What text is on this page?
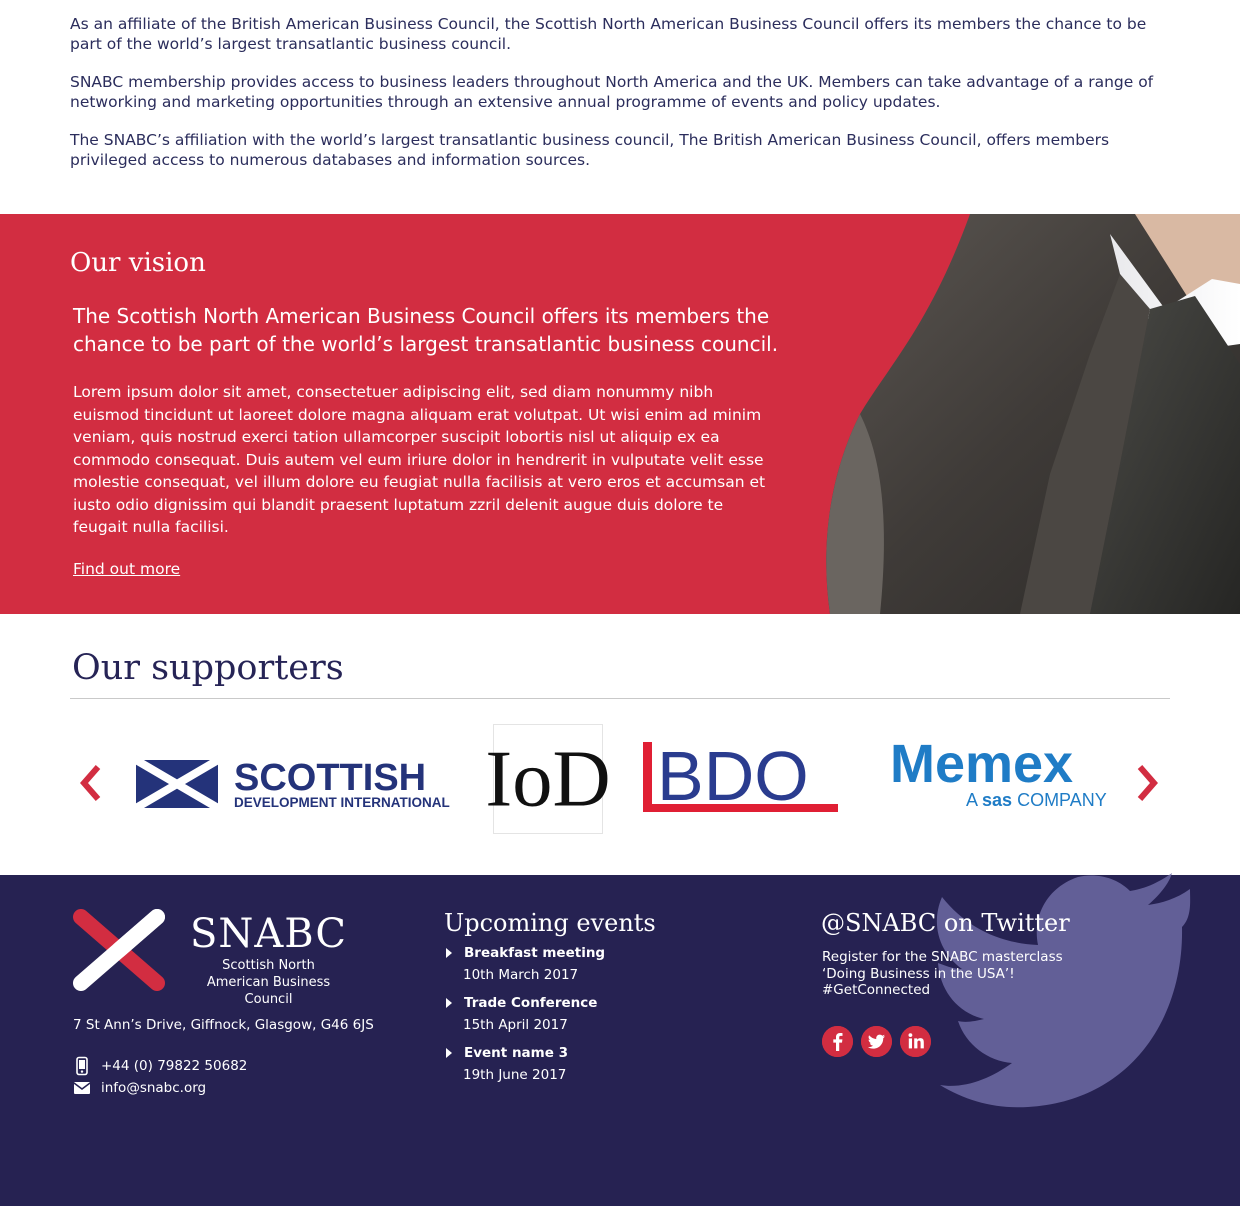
As an affiliate of the British American Business Council, the Scottish North American Business Council offers its members the chance to be part of the world’s largest transatlantic business council.

SNABC membership provides access to business leaders throughout North America and the UK. Members can take advantage of a range of networking and marketing opportunities through an extensive annual programme of events and policy updates.

The SNABC’s affiliation with the world’s largest transatlantic business council, The British American Business Council, offers members privileged access to numerous databases and information sources.

Our vision

The Scottish North American Business Council offers its members the chance to be part of the world’s largest transatlantic business council.

Lorem ipsum dolor sit amet, consectetuer adipiscing elit, sed diam nonummy nibh euismod tincidunt ut laoreet dolore magna aliquam erat volutpat. Ut wisi enim ad minim veniam, quis nostrud exerci tation ullamcorper suscipit lobortis nisl ut aliquip ex ea commodo consequat. Duis autem vel eum iriure dolor in hendrerit in vulputate velit esse molestie consequat, vel illum dolore eu feugiat nulla facilisis at vero eros et accumsan et iusto odio dignissim qui blandit praesent luptatum zzril delenit augue duis dolore te feugait nulla facilisi.

Find out more
Our supporters
SCOTTISH
DEVELOPMENT INTERNATIONAL IoD BDO Memex
A sas COMPANY
SNABC
Scottish North American Business Council
7 St Ann’s Drive, Giffnock, Glasgow, G46 6JS
+44 (0) 79822 50682
info@snabc.org
Upcoming events
Breakfast meeting
10th March 2017
Trade Conference
15th April 2017
Event name 3
19th June 2017
@SNABC on Twitter

Register for the SNABC masterclass ‘Doing Business in the USA’! #GetConnected
